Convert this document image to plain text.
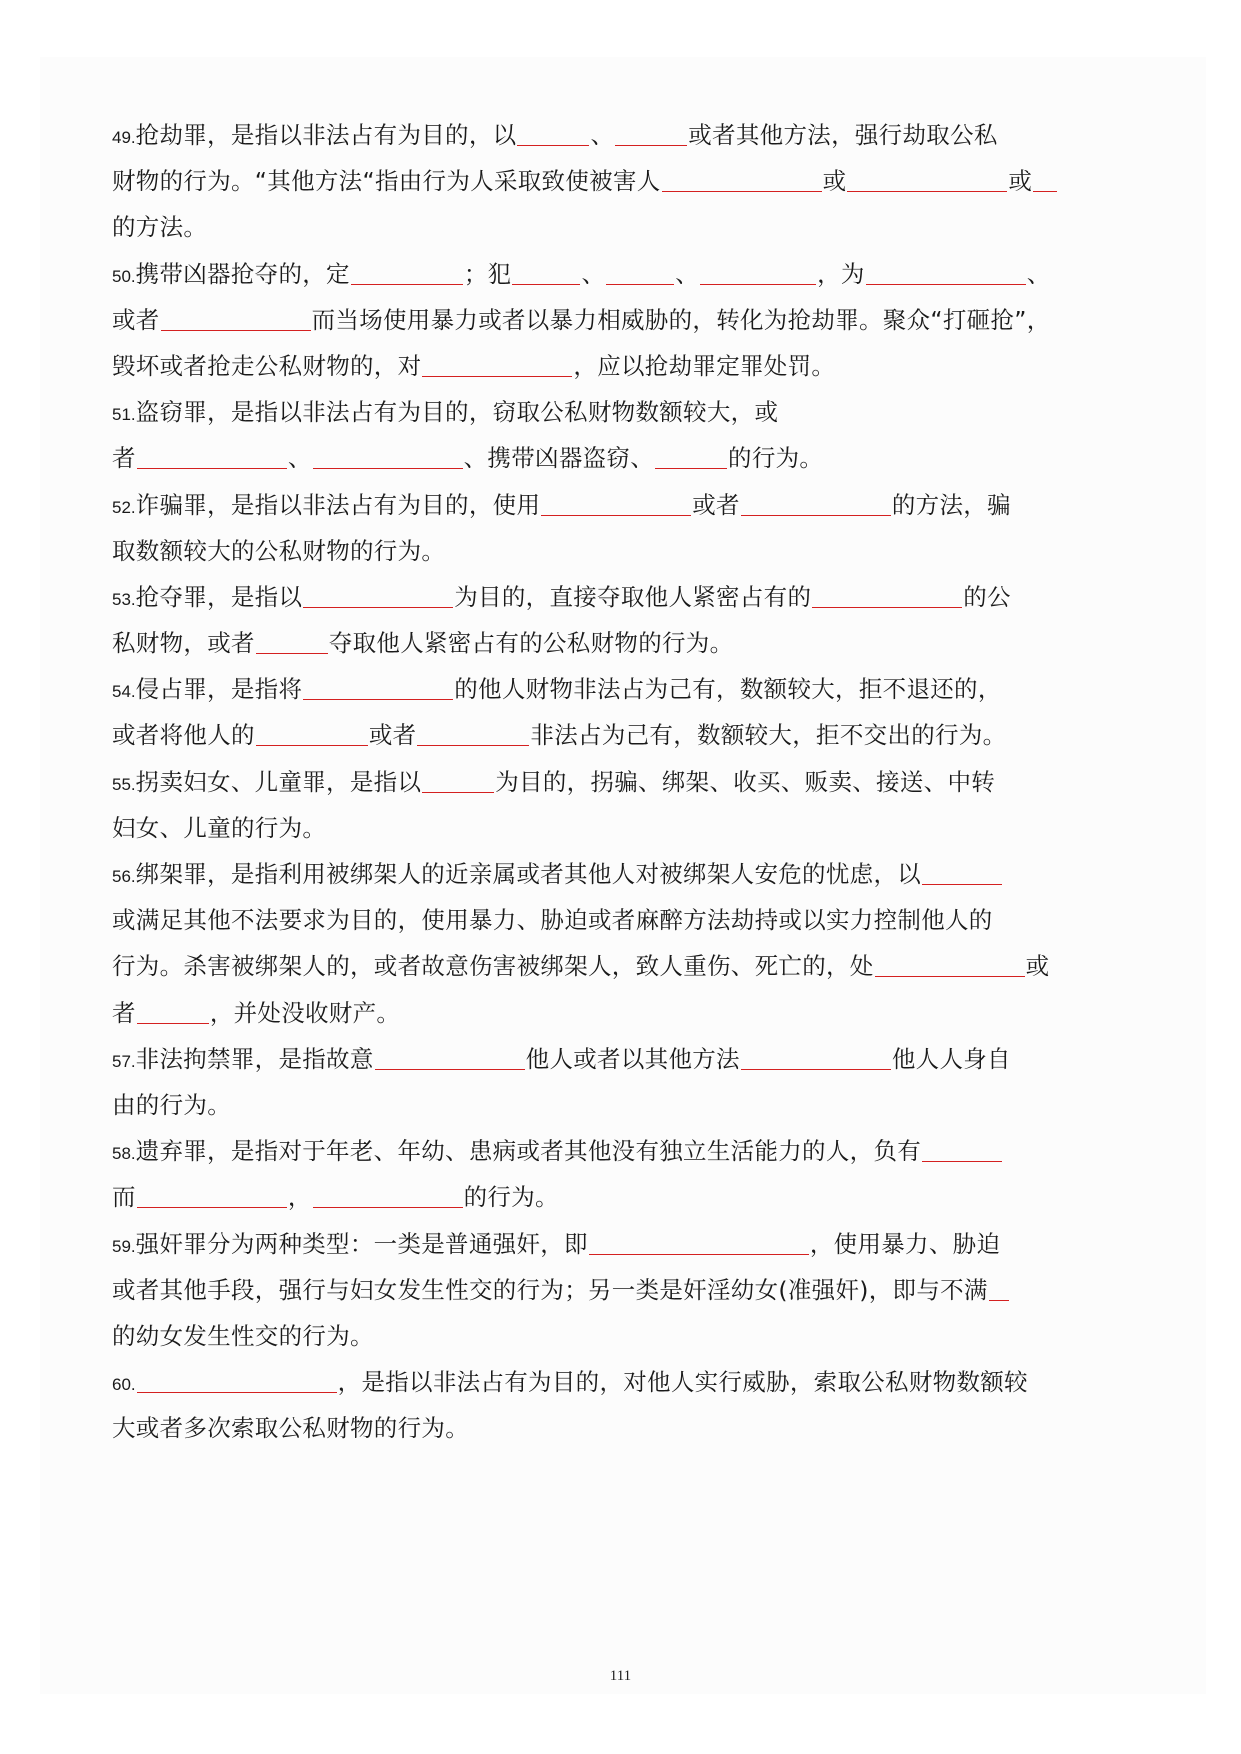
49.抢劫罪，是指以非法占有为目的，以	、	或者其他方法，强行劫取公私
财物的行为。“其他方法“指由行为人采取致使被害人	或	或
的方法。
50.携带凶器抢夺的，定	；犯	、	、	，为	、
或者	而当场使用暴力或者以暴力相威胁的，转化为抢劫罪。聚众“打砸抢”，
毁坏或者抢走公私财物的，对	，应以抢劫罪定罪处罚。
51.盗窃罪，是指以非法占有为目的，窃取公私财物数额较大，或
者	、	、携带凶器盗窃、	的行为。
52.诈骗罪，是指以非法占有为目的，使用	或者	的方法，骗
取数额较大的公私财物的行为。
53.抢夺罪，是指以	为目的，直接夺取他人紧密占有的	的公
私财物，或者	夺取他人紧密占有的公私财物的行为。
54.侵占罪，是指将	的他人财物非法占为己有，数额较大，拒不退还的，
或者将他人的	或者	非法占为己有，数额较大，拒不交出的行为。
55.拐卖妇女、儿童罪，是指以	为目的，拐骗、绑架、收买、贩卖、接送、中转
妇女、儿童的行为。
56.绑架罪，是指利用被绑架人的近亲属或者其他人对被绑架人安危的忧虑，以
或满足其他不法要求为目的，使用暴力、胁迫或者麻醉方法劫持或以实力控制他人的
行为。杀害被绑架人的，或者故意伤害被绑架人，致人重伤、死亡的，处	或
者	，并处没收财产。
57.非法拘禁罪，是指故意	他人或者以其他方法	他人人身自
由的行为。
58.遗弃罪，是指对于年老、年幼、患病或者其他没有独立生活能力的人，负有
而	，	的行为。
59.强奸罪分为两种类型：一类是普通强奸，即	，使用暴力、胁迫
或者其他手段，强行与妇女发生性交的行为；另一类是奸淫幼女(准强奸)，即与不满
的幼女发生性交的行为。
60.	，是指以非法占有为目的，对他人实行威胁，索取公私财物数额较
大或者多次索取公私财物的行为。
111
